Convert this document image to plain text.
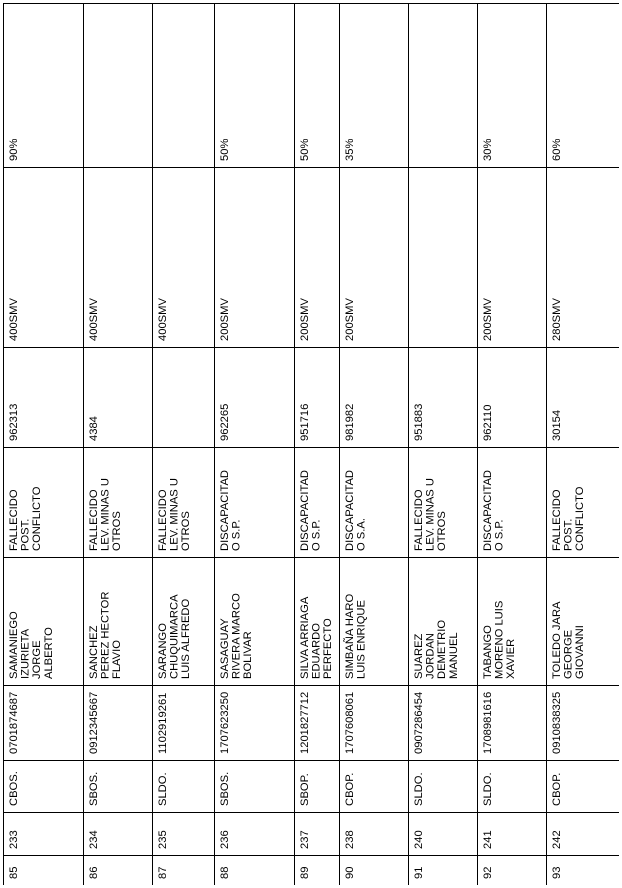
85
233
CBOS.
0701874687
SAMANIEGOIZURIETAJORGEALBERTO
FALLECIDOPOST.CONFLICTO
962313
400SMV
90%
86
234
SBOS.
0912345667
SANCHEZPEREZ HECTORFLAVIO
FALLECIDOLEV. MINAS UOTROS
4384
400SMV
87
235
SLDO.
1102919261
SARANGOCHUQUIMARCALUIS ALFREDO
FALLECIDOLEV. MINAS UOTROS
400SMV
88
236
SBOS.
1707623250
SASAGUAYRIVERA MARCOBOLIVAR
DISCAPACITADO S.P.
962265
200SMV
50%
89
237
SBOP.
1201827712
SILVA ARRIAGAEDUARDOPERFECTO
DISCAPACITADO S.P.
951716
200SMV
50%
90
238
CBOP.
1707608061
SIMBAÑA HAROLUIS ENRIQUE
DISCAPACITADO S.A.
981982
200SMV
35%
91
240
SLDO.
0907286454
SUAREZJORDANDEMETRIOMANUEL
FALLECIDOLEV. MINAS UOTROS
951883
92
241
SLDO.
1708981616
TABANGOMORENO LUISXAVIER
DISCAPACITADO S.P.
962110
200SMV
30%
93
242
CBOP.
0910838325
TOLEDO JARAGEORGEGIOVANNI
FALLECIDOPOST.CONFLICTO
30154
280SMV
60%
